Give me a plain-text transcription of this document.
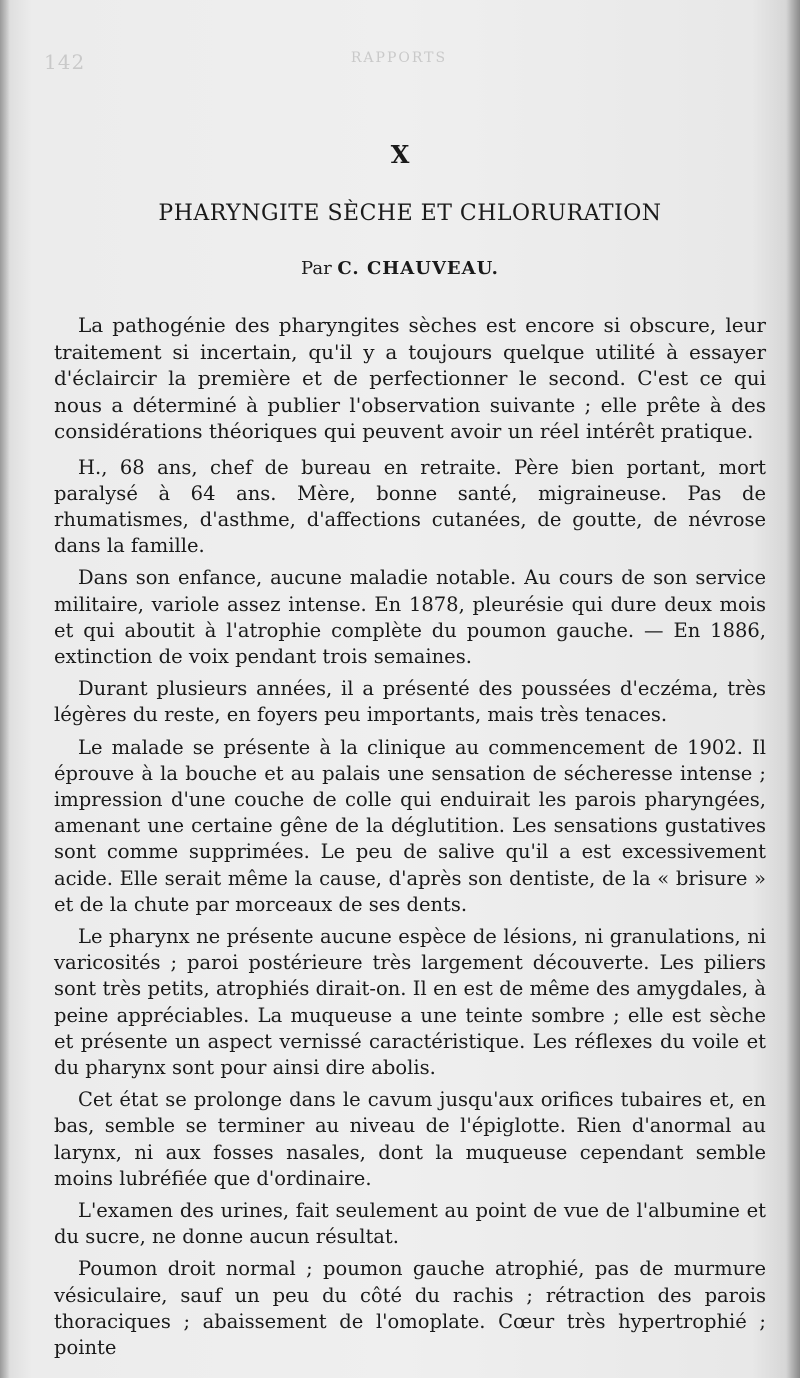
142	RAPPORTS
X
PHARYNGITE SÈCHE ET CHLORURATION
Par C. CHAUVEAU.

La pathogénie des pharyngites sèches est encore si obscure, leur traitement si incertain, qu'il y a toujours quelque utilité à essayer d'éclaircir la première et de perfectionner le second. C'est ce qui nous a déterminé à publier l'observation suivante ; elle prête à des considérations théoriques qui peuvent avoir un réel intérêt pratique.

H., 68 ans, chef de bureau en retraite. Père bien portant, mort paralysé à 64 ans. Mère, bonne santé, migraineuse. Pas de rhumatismes, d'asthme, d'affections cutanées, de goutte, de névrose dans la famille.

Dans son enfance, aucune maladie notable. Au cours de son service militaire, variole assez intense. En 1878, pleurésie qui dure deux mois et qui aboutit à l'atrophie complète du poumon gauche. — En 1886, extinction de voix pendant trois semaines.

Durant plusieurs années, il a présenté des poussées d'eczéma, très légères du reste, en foyers peu importants, mais très tenaces.

Le malade se présente à la clinique au commencement de 1902. Il éprouve à la bouche et au palais une sensation de sécheresse intense ; impression d'une couche de colle qui enduirait les parois pharyngées, amenant une certaine gêne de la déglutition. Les sensations gustatives sont comme supprimées. Le peu de salive qu'il a est excessivement acide. Elle serait même la cause, d'après son dentiste, de la « brisure » et de la chute par morceaux de ses dents.

Le pharynx ne présente aucune espèce de lésions, ni granulations, ni varicosités ; paroi postérieure très largement découverte. Les piliers sont très petits, atrophiés dirait-on. Il en est de même des amygdales, à peine appréciables. La muqueuse a une teinte sombre ; elle est sèche et présente un aspect vernissé caractéristique. Les réflexes du voile et du pharynx sont pour ainsi dire abolis.

Cet état se prolonge dans le cavum jusqu'aux orifices tubaires et, en bas, semble se terminer au niveau de l'épiglotte. Rien d'anormal au larynx, ni aux fosses nasales, dont la muqueuse cependant semble moins lubréfiée que d'ordinaire.

L'examen des urines, fait seulement au point de vue de l'albumine et du sucre, ne donne aucun résultat.

Poumon droit normal ; poumon gauche atrophié, pas de murmure vésiculaire, sauf un peu du côté du rachis ; rétraction des parois thoraciques ; abaissement de l'omoplate. Cœur très hypertrophié ; pointe
